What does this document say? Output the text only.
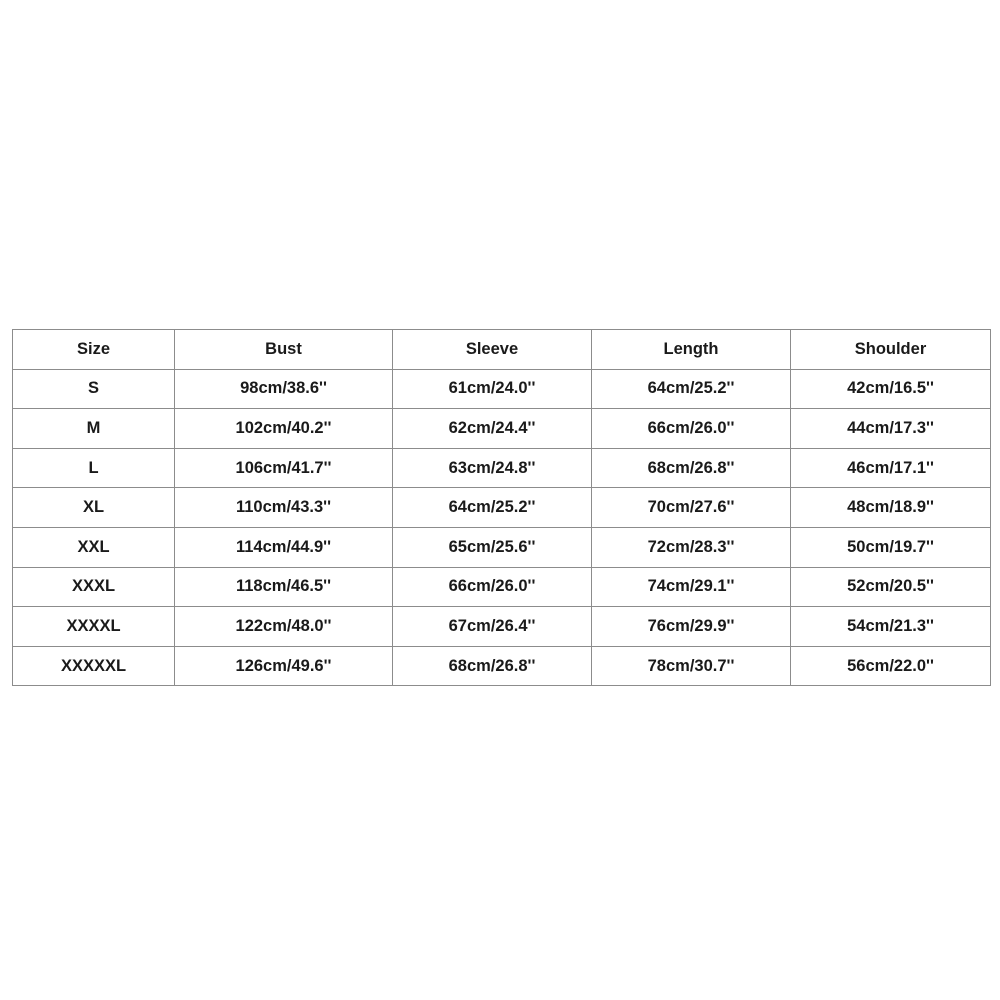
Size	Bust	Sleeve	Length	Shoulder
S	98cm/38.6''	61cm/24.0''	64cm/25.2''	42cm/16.5''
M	102cm/40.2''	62cm/24.4''	66cm/26.0''	44cm/17.3''
L	106cm/41.7''	63cm/24.8''	68cm/26.8''	46cm/17.1''
XL	110cm/43.3''	64cm/25.2''	70cm/27.6''	48cm/18.9''
XXL	114cm/44.9''	65cm/25.6''	72cm/28.3''	50cm/19.7''
XXXL	118cm/46.5''	66cm/26.0''	74cm/29.1''	52cm/20.5''
XXXXL	122cm/48.0''	67cm/26.4''	76cm/29.9''	54cm/21.3''
XXXXXL	126cm/49.6''	68cm/26.8''	78cm/30.7''	56cm/22.0''
